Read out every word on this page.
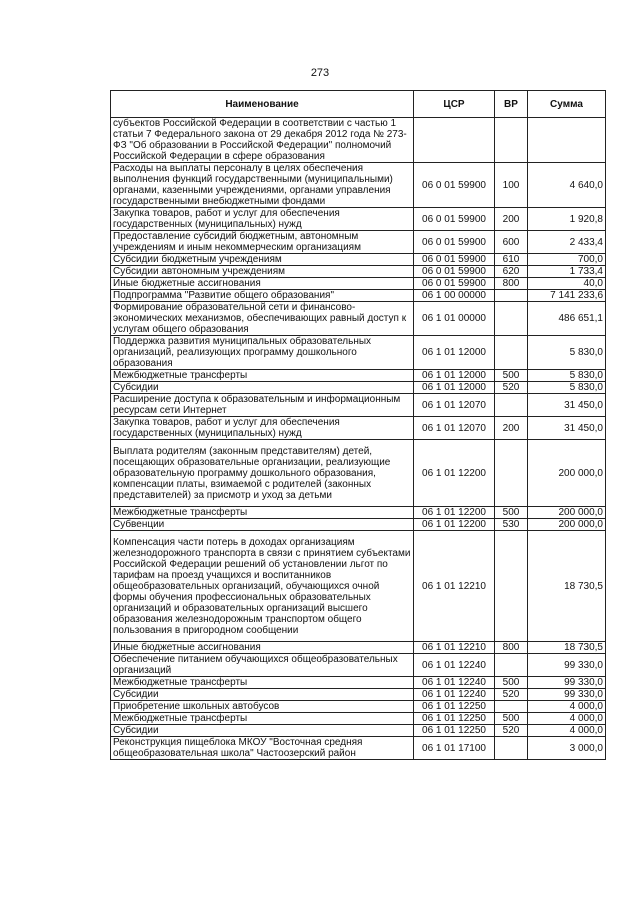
273
Наименование	ЦСР	ВР	Сумма
субъектов Российской Федерации в соответствии с частью 1 статьи 7 Федерального закона от 29 декабря 2012 года № 273-ФЗ "Об образовании в Российской Федерации" полномочий Российской Федерации в сфере образования			
Расходы на выплаты персоналу в целях обеспечения выполнения функций государственными (муниципальными) органами, казенными учреждениями, органами управления государственными внебюджетными фондами	06 0 01 59900	100	4 640,0
Закупка товаров, работ и услуг для обеспечения государственных (муниципальных) нужд	06 0 01 59900	200	1 920,8
Предоставление субсидий бюджетным, автономным учреждениям и иным некоммерческим организациям	06 0 01 59900	600	2 433,4
Субсидии бюджетным учреждениям	06 0 01 59900	610	700,0
Субсидии автономным учреждениям	06 0 01 59900	620	1 733,4
Иные бюджетные ассигнования	06 0 01 59900	800	40,0
Подпрограмма "Развитие общего образования"	06 1 00 00000		7 141 233,6
Формирование образовательной сети и финансово-экономических механизмов, обеспечивающих равный доступ к услугам общего образования	06 1 01 00000		486 651,1
Поддержка развития муниципальных образовательных организаций, реализующих программу дошкольного образования	06 1 01 12000		5 830,0
Межбюджетные трансферты	06 1 01 12000	500	5 830,0
Субсидии	06 1 01 12000	520	5 830,0
Расширение доступа к образовательным и информационным ресурсам сети Интернет	06 1 01 12070		31 450,0
Закупка товаров, работ и услуг для обеспечения государственных (муниципальных) нужд	06 1 01 12070	200	31 450,0
Выплата родителям (законным представителям) детей, посещающих образовательные организации, реализующие образовательную программу дошкольного образования, компенсации платы, взимаемой с родителей (законных представителей) за присмотр и уход за детьми	06 1 01 12200		200 000,0
Межбюджетные трансферты	06 1 01 12200	500	200 000,0
Субвенции	06 1 01 12200	530	200 000,0
Компенсация части потерь в доходах организациям железнодорожного транспорта в связи с принятием субъектами Российской Федерации решений об установлении льгот по тарифам на проезд учащихся и воспитанников общеобразовательных организаций, обучающихся очной формы обучения профессиональных образовательных организаций и образовательных организаций высшего образования железнодорожным транспортом общего пользования в пригородном сообщении	06 1 01 12210		18 730,5
Иные бюджетные ассигнования	06 1 01 12210	800	18 730,5
Обеспечение питанием обучающихся общеобразовательных организаций	06 1 01 12240		99 330,0
Межбюджетные трансферты	06 1 01 12240	500	99 330,0
Субсидии	06 1 01 12240	520	99 330,0
Приобретение школьных автобусов	06 1 01 12250		4 000,0
Межбюджетные трансферты	06 1 01 12250	500	4 000,0
Субсидии	06 1 01 12250	520	4 000,0
Реконструкция пищеблока МКОУ "Восточная средняя общеобразовательная школа" Частоозерский район	06 1 01 17100		3 000,0
